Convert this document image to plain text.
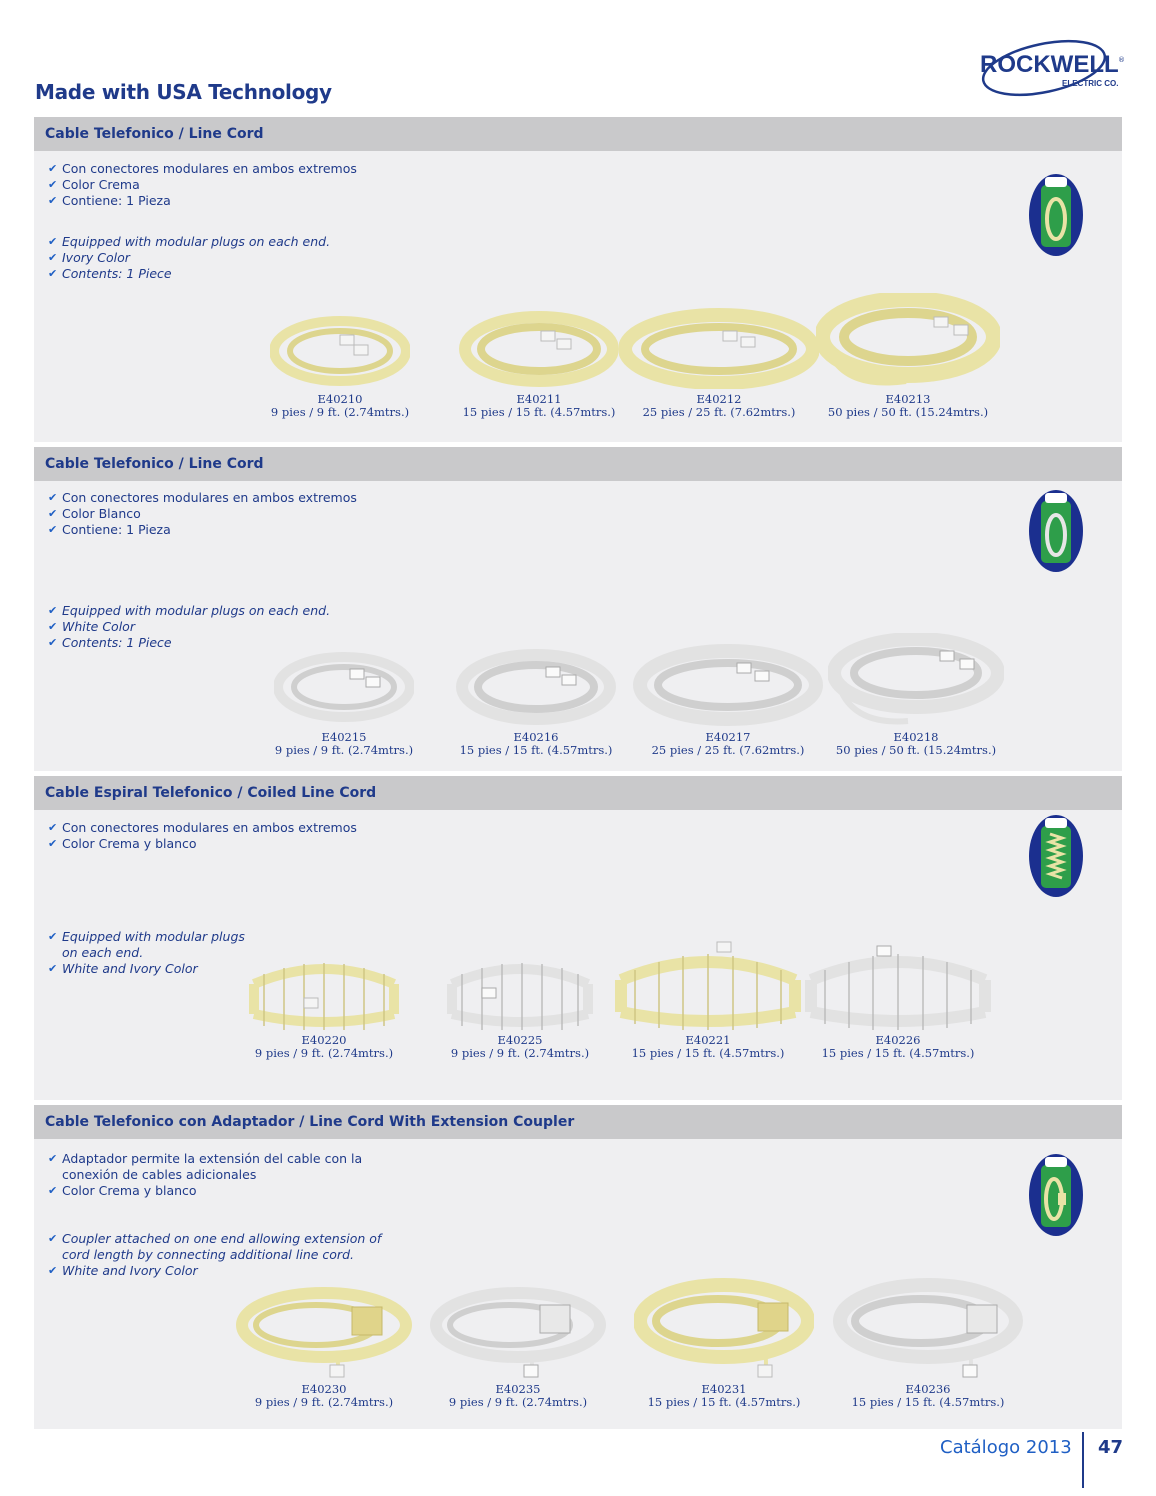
Made with USA Technology
ROCKWELL
ELECTRIC CO.
®
Cable Telefonico / Line Cord
✔ Con conectores modulares en ambos extremos
✔ Color Crema
✔ Contiene: 1 Pieza
✔ Equipped with modular plugs on each end.
✔ Ivory Color
✔ Contents: 1 Piece
E40210
9 pies / 9 ft. (2.74mtrs.)
E40211
15 pies / 15 ft. (4.57mtrs.)
E40212
25 pies / 25 ft. (7.62mtrs.)
E40213
50 pies / 50 ft. (15.24mtrs.)
Cable Telefonico / Line Cord
✔ Con conectores modulares en ambos extremos
✔ Color Blanco
✔ Contiene: 1 Pieza
✔ Equipped with modular plugs on each end.
✔ White Color
✔ Contents: 1 Piece
E40215
9 pies / 9 ft. (2.74mtrs.)
E40216
15 pies / 15 ft. (4.57mtrs.)
E40217
25 pies / 25 ft. (7.62mtrs.)
E40218
50 pies / 50 ft. (15.24mtrs.)
Cable Espiral Telefonico / Coiled Line Cord
✔ Con conectores modulares en ambos extremos
✔ Color Crema y blanco
✔ Equipped with modular plugs
on each end.
✔ White and Ivory Color
E40220
9 pies / 9 ft. (2.74mtrs.)
E40225
9 pies / 9 ft. (2.74mtrs.)
E40221
15 pies / 15 ft. (4.57mtrs.)
E40226
15 pies / 15 ft. (4.57mtrs.)
Cable Telefonico con Adaptador / Line Cord With Extension Coupler
✔ Adaptador permite la extensión del cable con la
conexión de cables adicionales
✔ Color Crema y blanco
✔ Coupler attached on one end allowing extension of
cord length by connecting additional line cord.
✔ White and Ivory Color
E40230
9 pies / 9 ft. (2.74mtrs.)
E40235
9 pies / 9 ft. (2.74mtrs.)
E40231
15 pies / 15 ft. (4.57mtrs.)
E40236
15 pies / 15 ft. (4.57mtrs.)
Catálogo 2013 47
